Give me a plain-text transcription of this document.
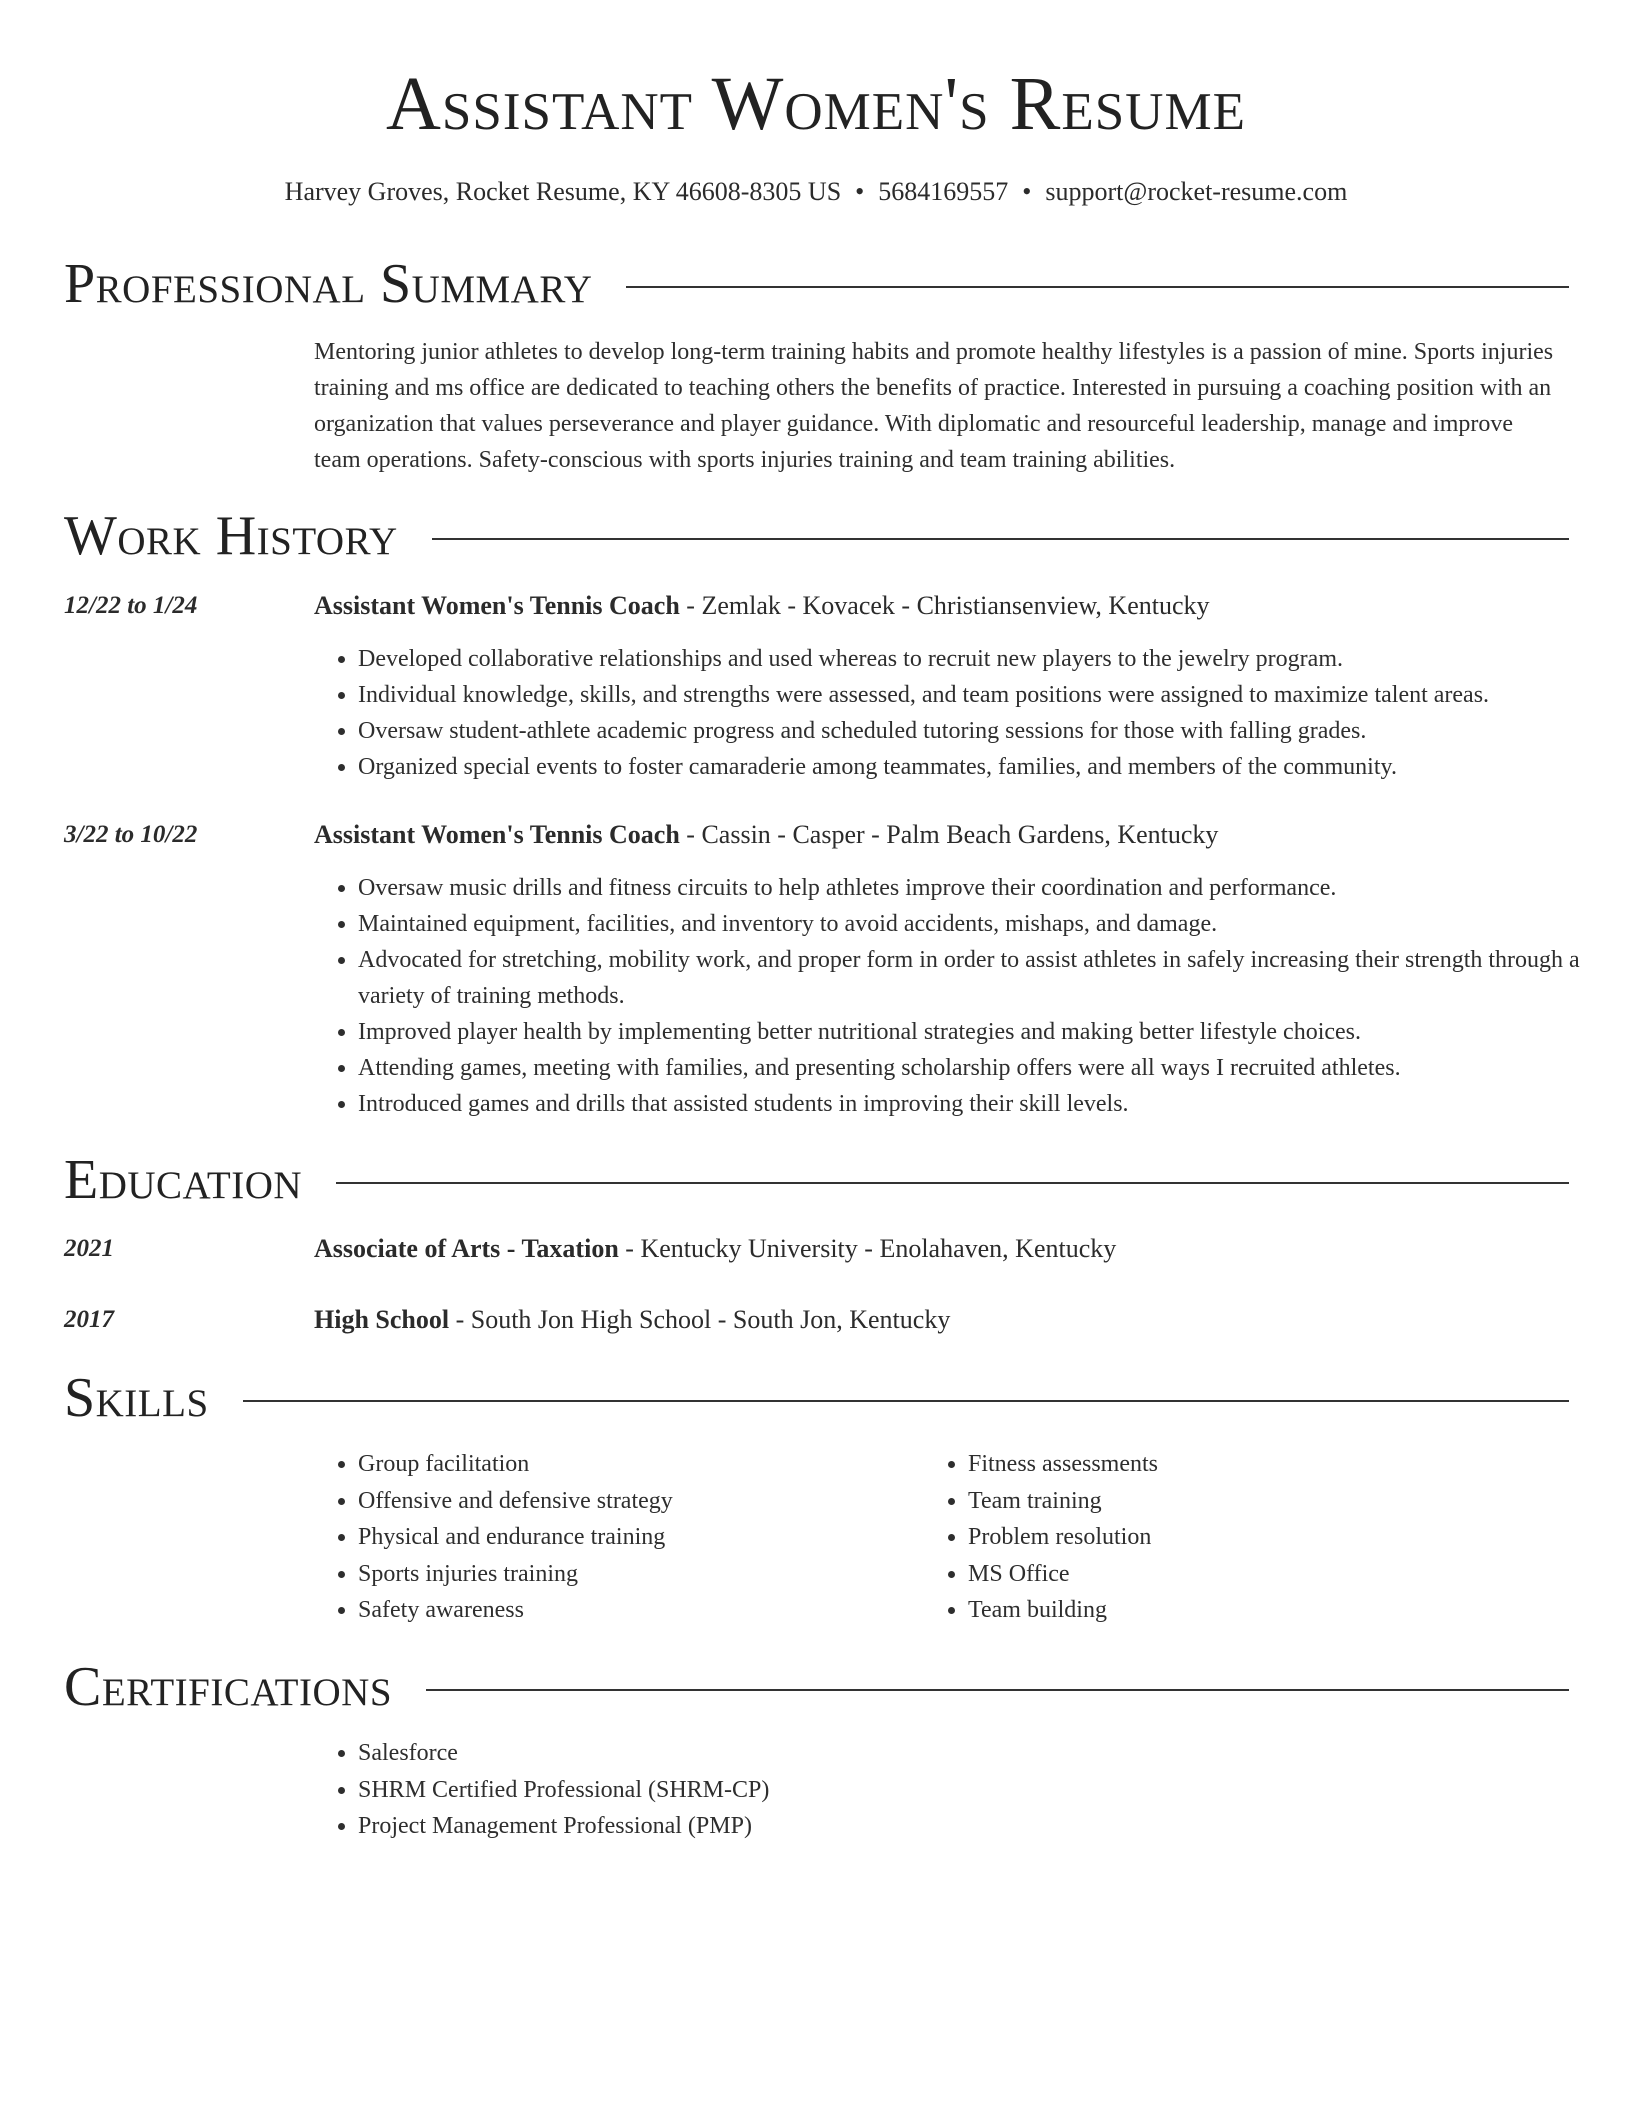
Assistant Women's Resume
Harvey Groves, Rocket Resume, KY 46608-8305 US • 5684169557 • support@rocket-resume.com
Professional Summary
Mentoring junior athletes to develop long-term training habits and promote healthy lifestyles is a passion of mine. Sports injuries training and ms office are dedicated to teaching others the benefits of practice. Interested in pursuing a coaching position with an organization that values perseverance and player guidance. With diplomatic and resourceful leadership, manage and improve team operations. Safety-conscious with sports injuries training and team training abilities.
Work History
12/22 to 1/24	Assistant Women's Tennis Coach - Zemlak - Kovacek - Christiansenview, Kentucky
• Developed collaborative relationships and used whereas to recruit new players to the jewelry program.
• Individual knowledge, skills, and strengths were assessed, and team positions were assigned to maximize talent areas.
• Oversaw student-athlete academic progress and scheduled tutoring sessions for those with falling grades.
• Organized special events to foster camaraderie among teammates, families, and members of the community.
3/22 to 10/22	Assistant Women's Tennis Coach - Cassin - Casper - Palm Beach Gardens, Kentucky
• Oversaw music drills and fitness circuits to help athletes improve their coordination and performance.
• Maintained equipment, facilities, and inventory to avoid accidents, mishaps, and damage.
• Advocated for stretching, mobility work, and proper form in order to assist athletes in safely increasing their strength through a variety of training methods.
• Improved player health by implementing better nutritional strategies and making better lifestyle choices.
• Attending games, meeting with families, and presenting scholarship offers were all ways I recruited athletes.
• Introduced games and drills that assisted students in improving their skill levels.
Education
2021	Associate of Arts - Taxation - Kentucky University - Enolahaven, Kentucky
2017	High School - South Jon High School - South Jon, Kentucky
Skills
• Group facilitation
• Offensive and defensive strategy
• Physical and endurance training
• Sports injuries training
• Safety awareness
• Fitness assessments
• Team training
• Problem resolution
• MS Office
• Team building
Certifications
• Salesforce
• SHRM Certified Professional (SHRM-CP)
• Project Management Professional (PMP)
